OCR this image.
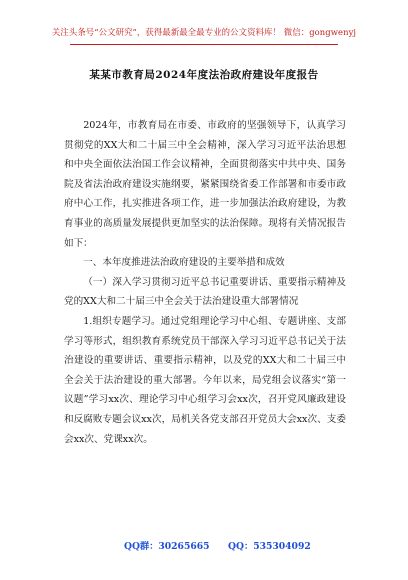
关注头条号“公文研究”，获得最新最全最专业的公文资料库！ 微信：gongwenyj
某某市教育局2024年度法治政府建设年度报告

2024年，市教育局在市委、市政府的坚强领导下，认真学习贯彻党的XX大和二十届三中全会精神，深入学习习近平法治思想和中央全面依法治国工作会议精神，全面贯彻落实中共中央、国务院及省法治政府建设实施纲要，紧紧围绕省委工作部署和市委市政府中心工作，扎实推进各项工作，进一步加强法治政府建设，为教育事业的高质量发展提供更加坚实的法治保障。现将有关情况报告如下：

一、本年度推进法治政府建设的主要举措和成效

（一）深入学习贯彻习近平总书记重要讲话、重要指示精神及党的XX大和二十届三中全会关于法治建设重大部署情况

1.组织专题学习。通过党组理论学习中心组、专题讲座、支部学习等形式，组织教育系统党员干部深入学习习近平总书记关于法治建设的重要讲话、重要指示精神，以及党的XX大和二十届三中全会关于法治建设的重大部署。今年以来，局党组会议落实“第一议题”学习xx次、理论学习中心组学习会xx次，召开党风廉政建设和反腐败专题会议xx次，局机关各党支部召开党员大会xx次、支委会xx次、党课xx次。

QQ群：30265665 QQ：535304092
